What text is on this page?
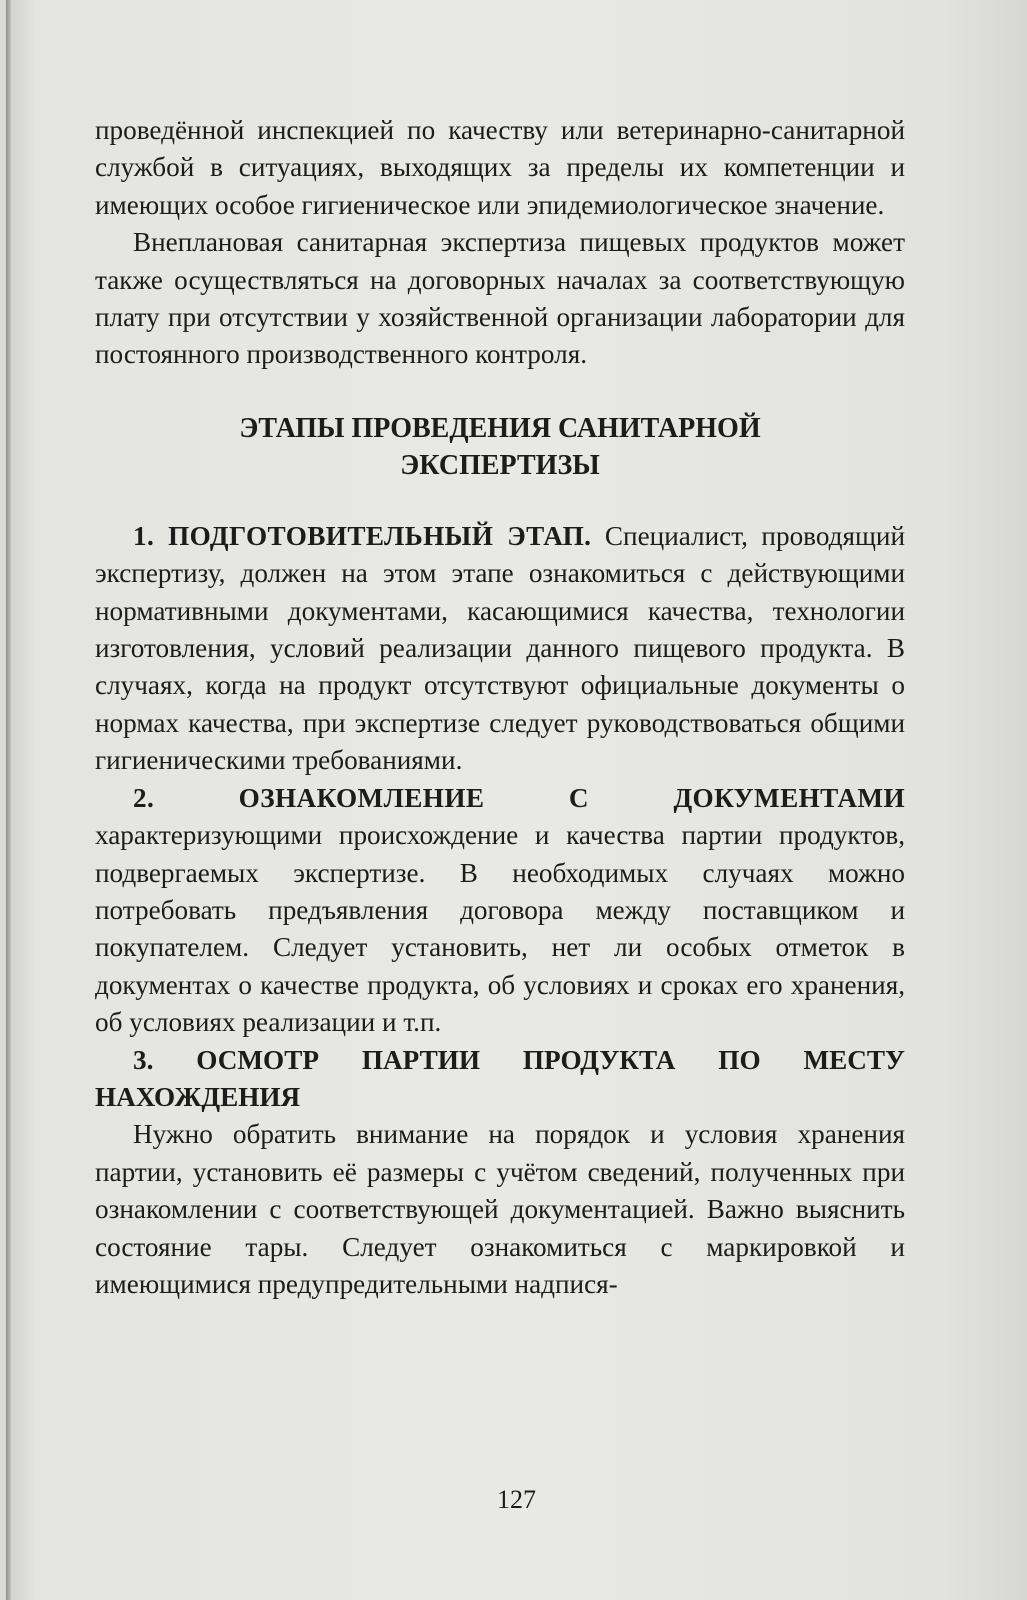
проведённой инспекцией по качеству или ветеринарно-санитарной службой в ситуациях, выходящих за пределы их компетенции и имеющих особое гигиеническое или эпидемиологическое значение.

Внеплановая санитарная экспертиза пищевых продуктов может также осуществляться на договорных началах за соответствующую плату при отсутствии у хозяйственной организации лаборатории для постоянного производственного контроля.

ЭТАПЫ ПРОВЕДЕНИЯ САНИТАРНОЙ ЭКСПЕРТИЗЫ

1. ПОДГОТОВИТЕЛЬНЫЙ ЭТАП. Специалист, проводящий экспертизу, должен на этом этапе ознакомиться с действующими нормативными документами, касающимися качества, технологии изготовления, условий реализации данного пищевого продукта. В случаях, когда на продукт отсутствуют официальные документы о нормах качества, при экспертизе следует руководствоваться общими гигиеническими требованиями.

2. ОЗНАКОМЛЕНИЕ С ДОКУМЕНТАМИ характеризующими происхождение и качества партии продуктов, подвергаемых экспертизе. В необходимых случаях можно потребовать предъявления договора между поставщиком и покупателем. Следует установить, нет ли особых отметок в документах о качестве продукта, об условиях и сроках его хранения, об условиях реализации и т.п.

3. ОСМОТР ПАРТИИ ПРОДУКТА ПО МЕСТУ НАХОЖДЕНИЯ

Нужно обратить внимание на порядок и условия хранения партии, установить её размеры с учётом сведений, полученных при ознакомлении с соответствующей документацией. Важно выяснить состояние тары. Следует ознакомиться с маркировкой и имеющимися предупредительными надпися-

127
